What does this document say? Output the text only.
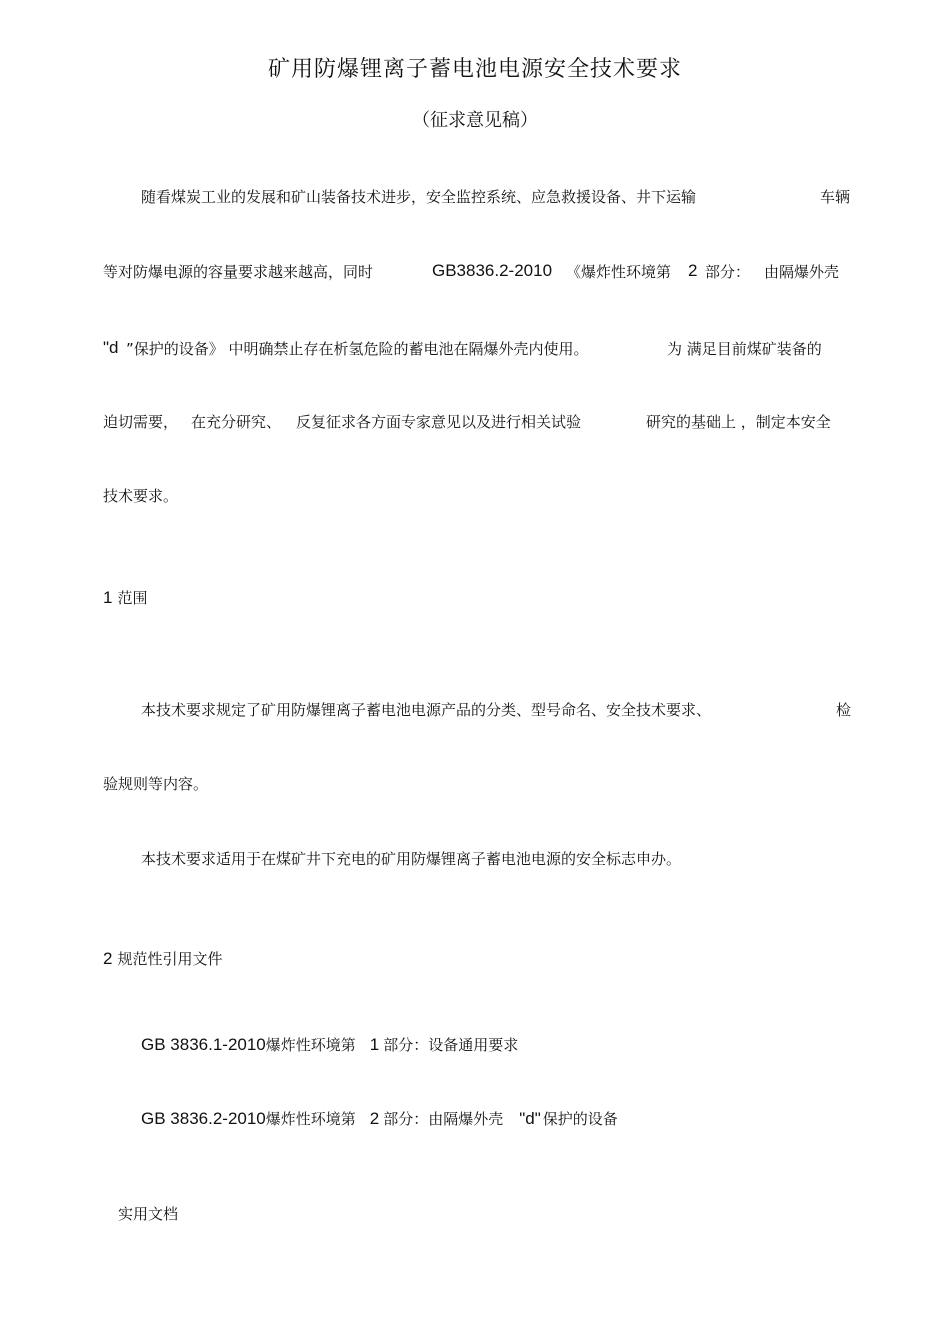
矿用防爆锂离子蓄电池电源安全技术要求
（征求意见稿）
随看煤炭工业的发展和矿山装备技术进步，安全监控系统、应急救援设备、井下运输	车辆
等对防爆电源的容量要求越来越高，同时	GB3836.2-2010 《爆炸性环境第 2 部分： 由隔爆外壳
"d ”保护的设备》 中明确禁止存在析氢危险的蓄电池在隔爆外壳内使用。	为 满足目前煤矿装备的
迫切需要， 在充分研究、 反复征求各方面专家意见以及进行相关试验	研究的基础上 ，制定本安全
技术要求。
1 范围
本技术要求规定了矿用防爆锂离子蓄电池电源产品的分类、型号命名、安全技术要求、	检
验规则等内容。
本技术要求适用于在煤矿井下充电的矿用防爆锂离子蓄电池电源的安全标志申办。
2 规范性引用文件
GB 3836.1-2010爆炸性环境第 1 部分：设备通用要求
GB 3836.2-2010爆炸性环境第 2 部分：由隔爆外壳 "d" 保护的设备
实用文档
